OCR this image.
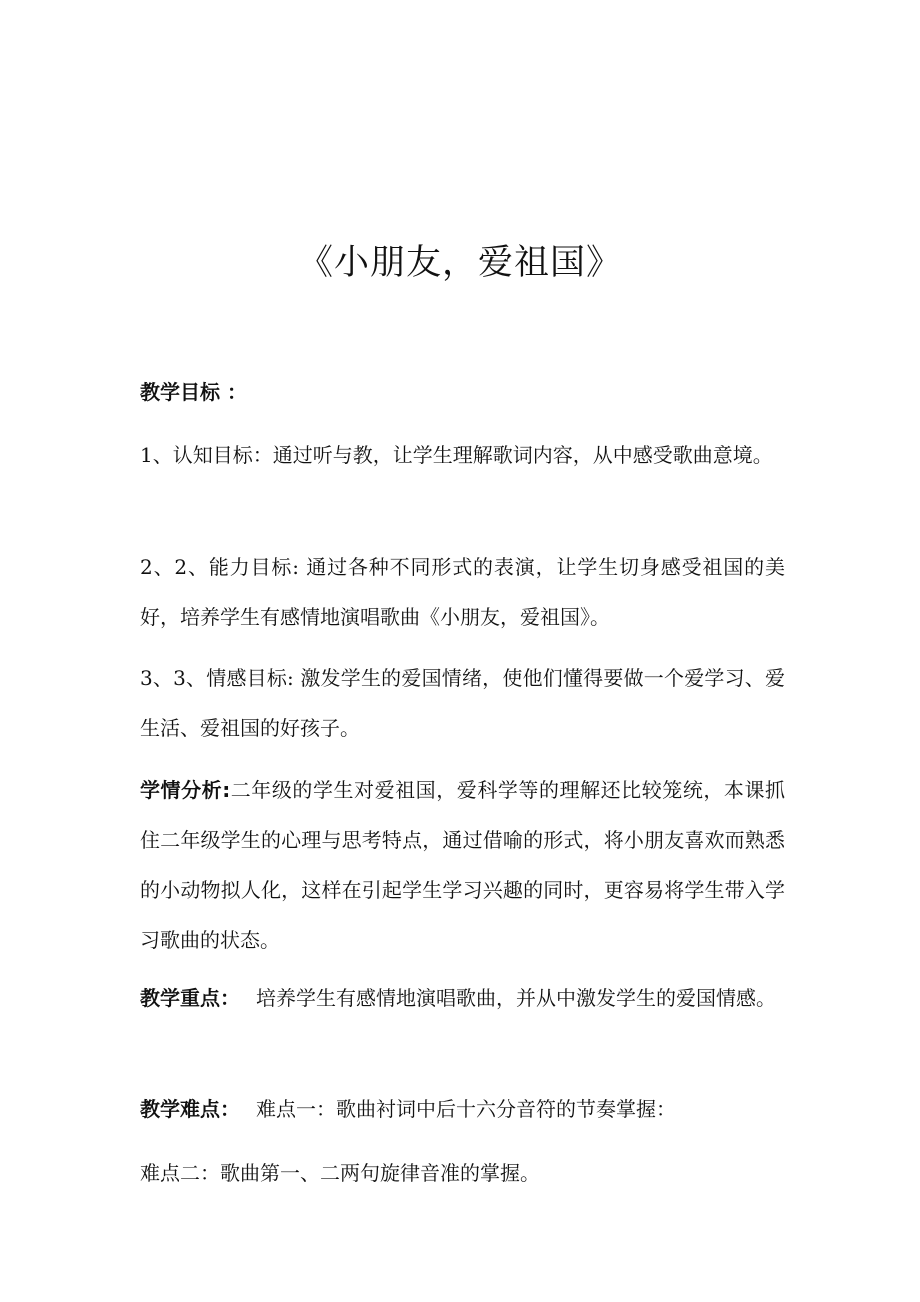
《小朋友，爱祖国》

教学目标 ：

1、认知目标：通过听与教，让学生理解歌词内容，从中感受歌曲意境。

2、2、能力目标: 通过各种不同形式的表演，让学生切身感受祖国的美好，培养学生有感情地演唱歌曲《小朋友，爱祖国》。

3、3、情感目标: 激发学生的爱国情绪，使他们懂得要做一个爱学习、爱生活、爱祖国的好孩子。

学情分析:二年级的学生对爱祖国，爱科学等的理解还比较笼统，本课抓住二年级学生的心理与思考特点，通过借喻的形式，将小朋友喜欢而熟悉的小动物拟人化，这样在引起学生学习兴趣的同时，更容易将学生带入学习歌曲的状态。

教学重点： 培养学生有感情地演唱歌曲，并从中激发学生的爱国情感。

教学难点： 难点一：歌曲衬词中后十六分音符的节奏掌握：

难点二：歌曲第一、二两句旋律音准的掌握。
